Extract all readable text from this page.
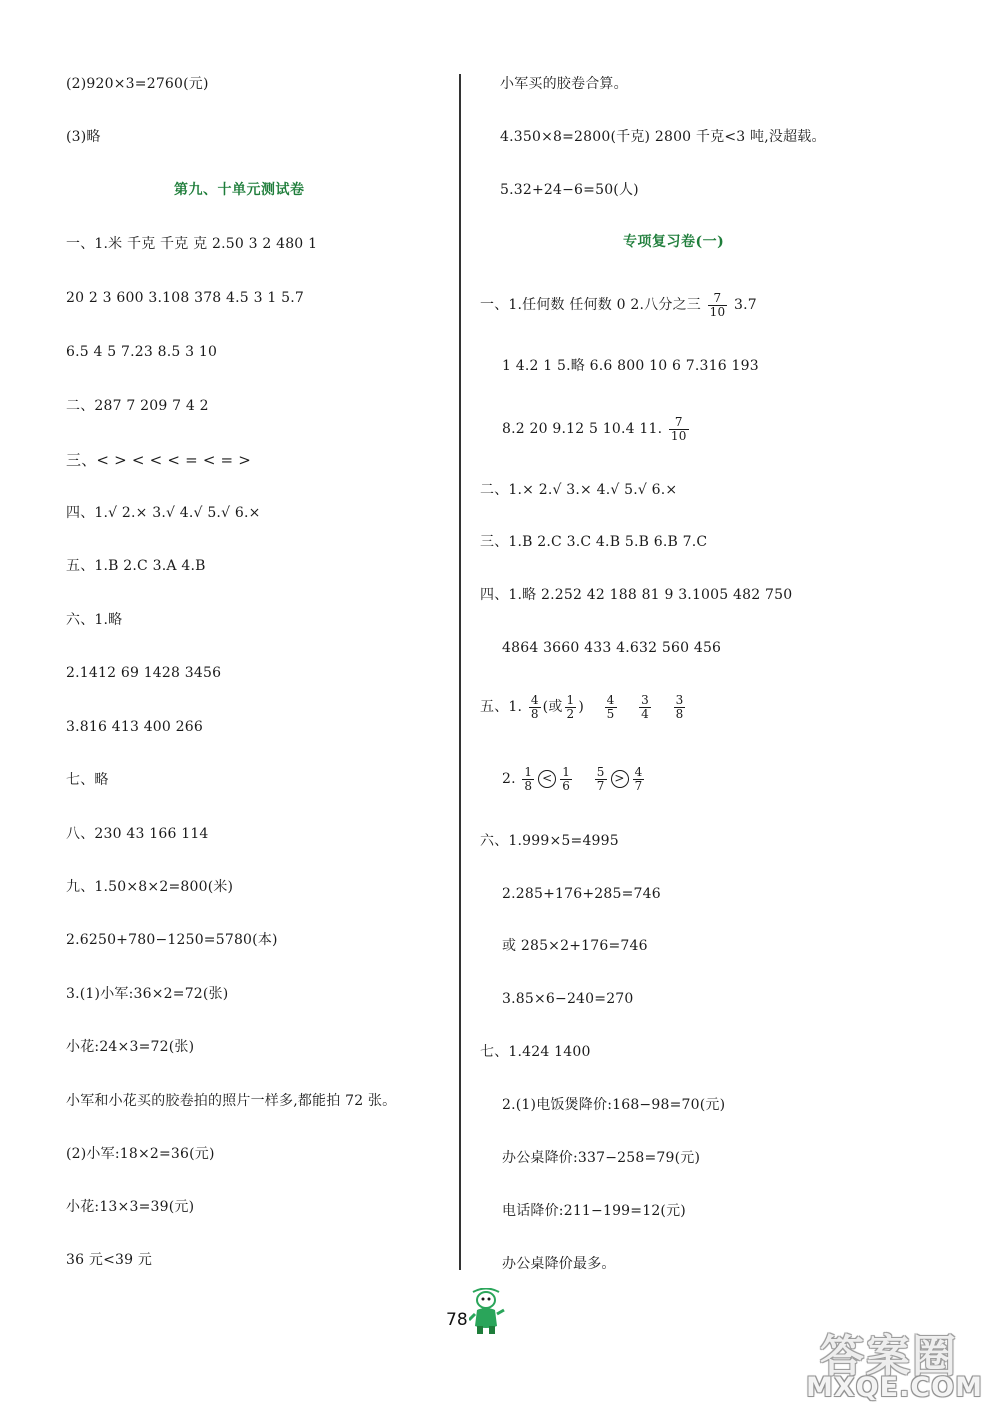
(2)920×3=2760(元)
(3)略
第九、十单元测试卷
一、1.米 千克 千克 克 2.50 3 2 480 1
20 2 3 600 3.108 378 4.5 3 1 5.7
6.5 4 5 7.23 8.5 3 10
二、287 7 209 7 4 2
三、< > < < < = < = >
四、1.√ 2.× 3.√ 4.√ 5.√ 6.×
五、1.B 2.C 3.A 4.B
六、1.略
2.1412 69 1428 3456
3.816 413 400 266
七、略
八、230 43 166 114
九、1.50×8×2=800(米)
2.6250+780−1250=5780(本)
3.(1)小军:36×2=72(张)
小花:24×3=72(张)
小军和小花买的胶卷拍的照片一样多,都能拍 72 张。
(2)小军:18×2=36(元)
小花:13×3=39(元)
36 元<39 元
小军买的胶卷合算。
4.350×8=2800(千克) 2800 千克<3 吨,没超载。
5.32+24−6=50(人)
专项复习卷(一)
一、1.任何数 任何数 0 2.八分之三 $\frac{7}{10} 3.7$
1 4.2 1 5.略 6.6 800 10 6 7.316 193
8.2 20 9.12 5 10.4 11. $\frac{7}{10}$
二、1.× 2.√ 3.× 4.√ 5.√ 6.×
三、1.B 2.C 3.C 4.B 5.B 6.B 7.C
四、1.略 2.252 42 188 81 9 3.1005 482 750
4864 3660 433 4.632 560 456
五、1. $\frac{4}{8}$ (或 $\frac{1}{2}$ ) $\frac{4}{5}$
$\frac{3}{4}$
$\frac{3}{8}$
2. $\frac{1}{8} < \frac{1}{6}$
$\frac{5}{7} > \frac{4}{7}$
六、1.999×5=4995
2.285+176+285=746
或 285×2+176=746
3.85×6−240=270
七、1.424 1400
2.(1)电饭煲降价:168−98=70(元)
办公桌降价:337−258=79(元)
电话降价:211−199=12(元)
办公桌降价最多。
78
答案圈
MXQE.COM
